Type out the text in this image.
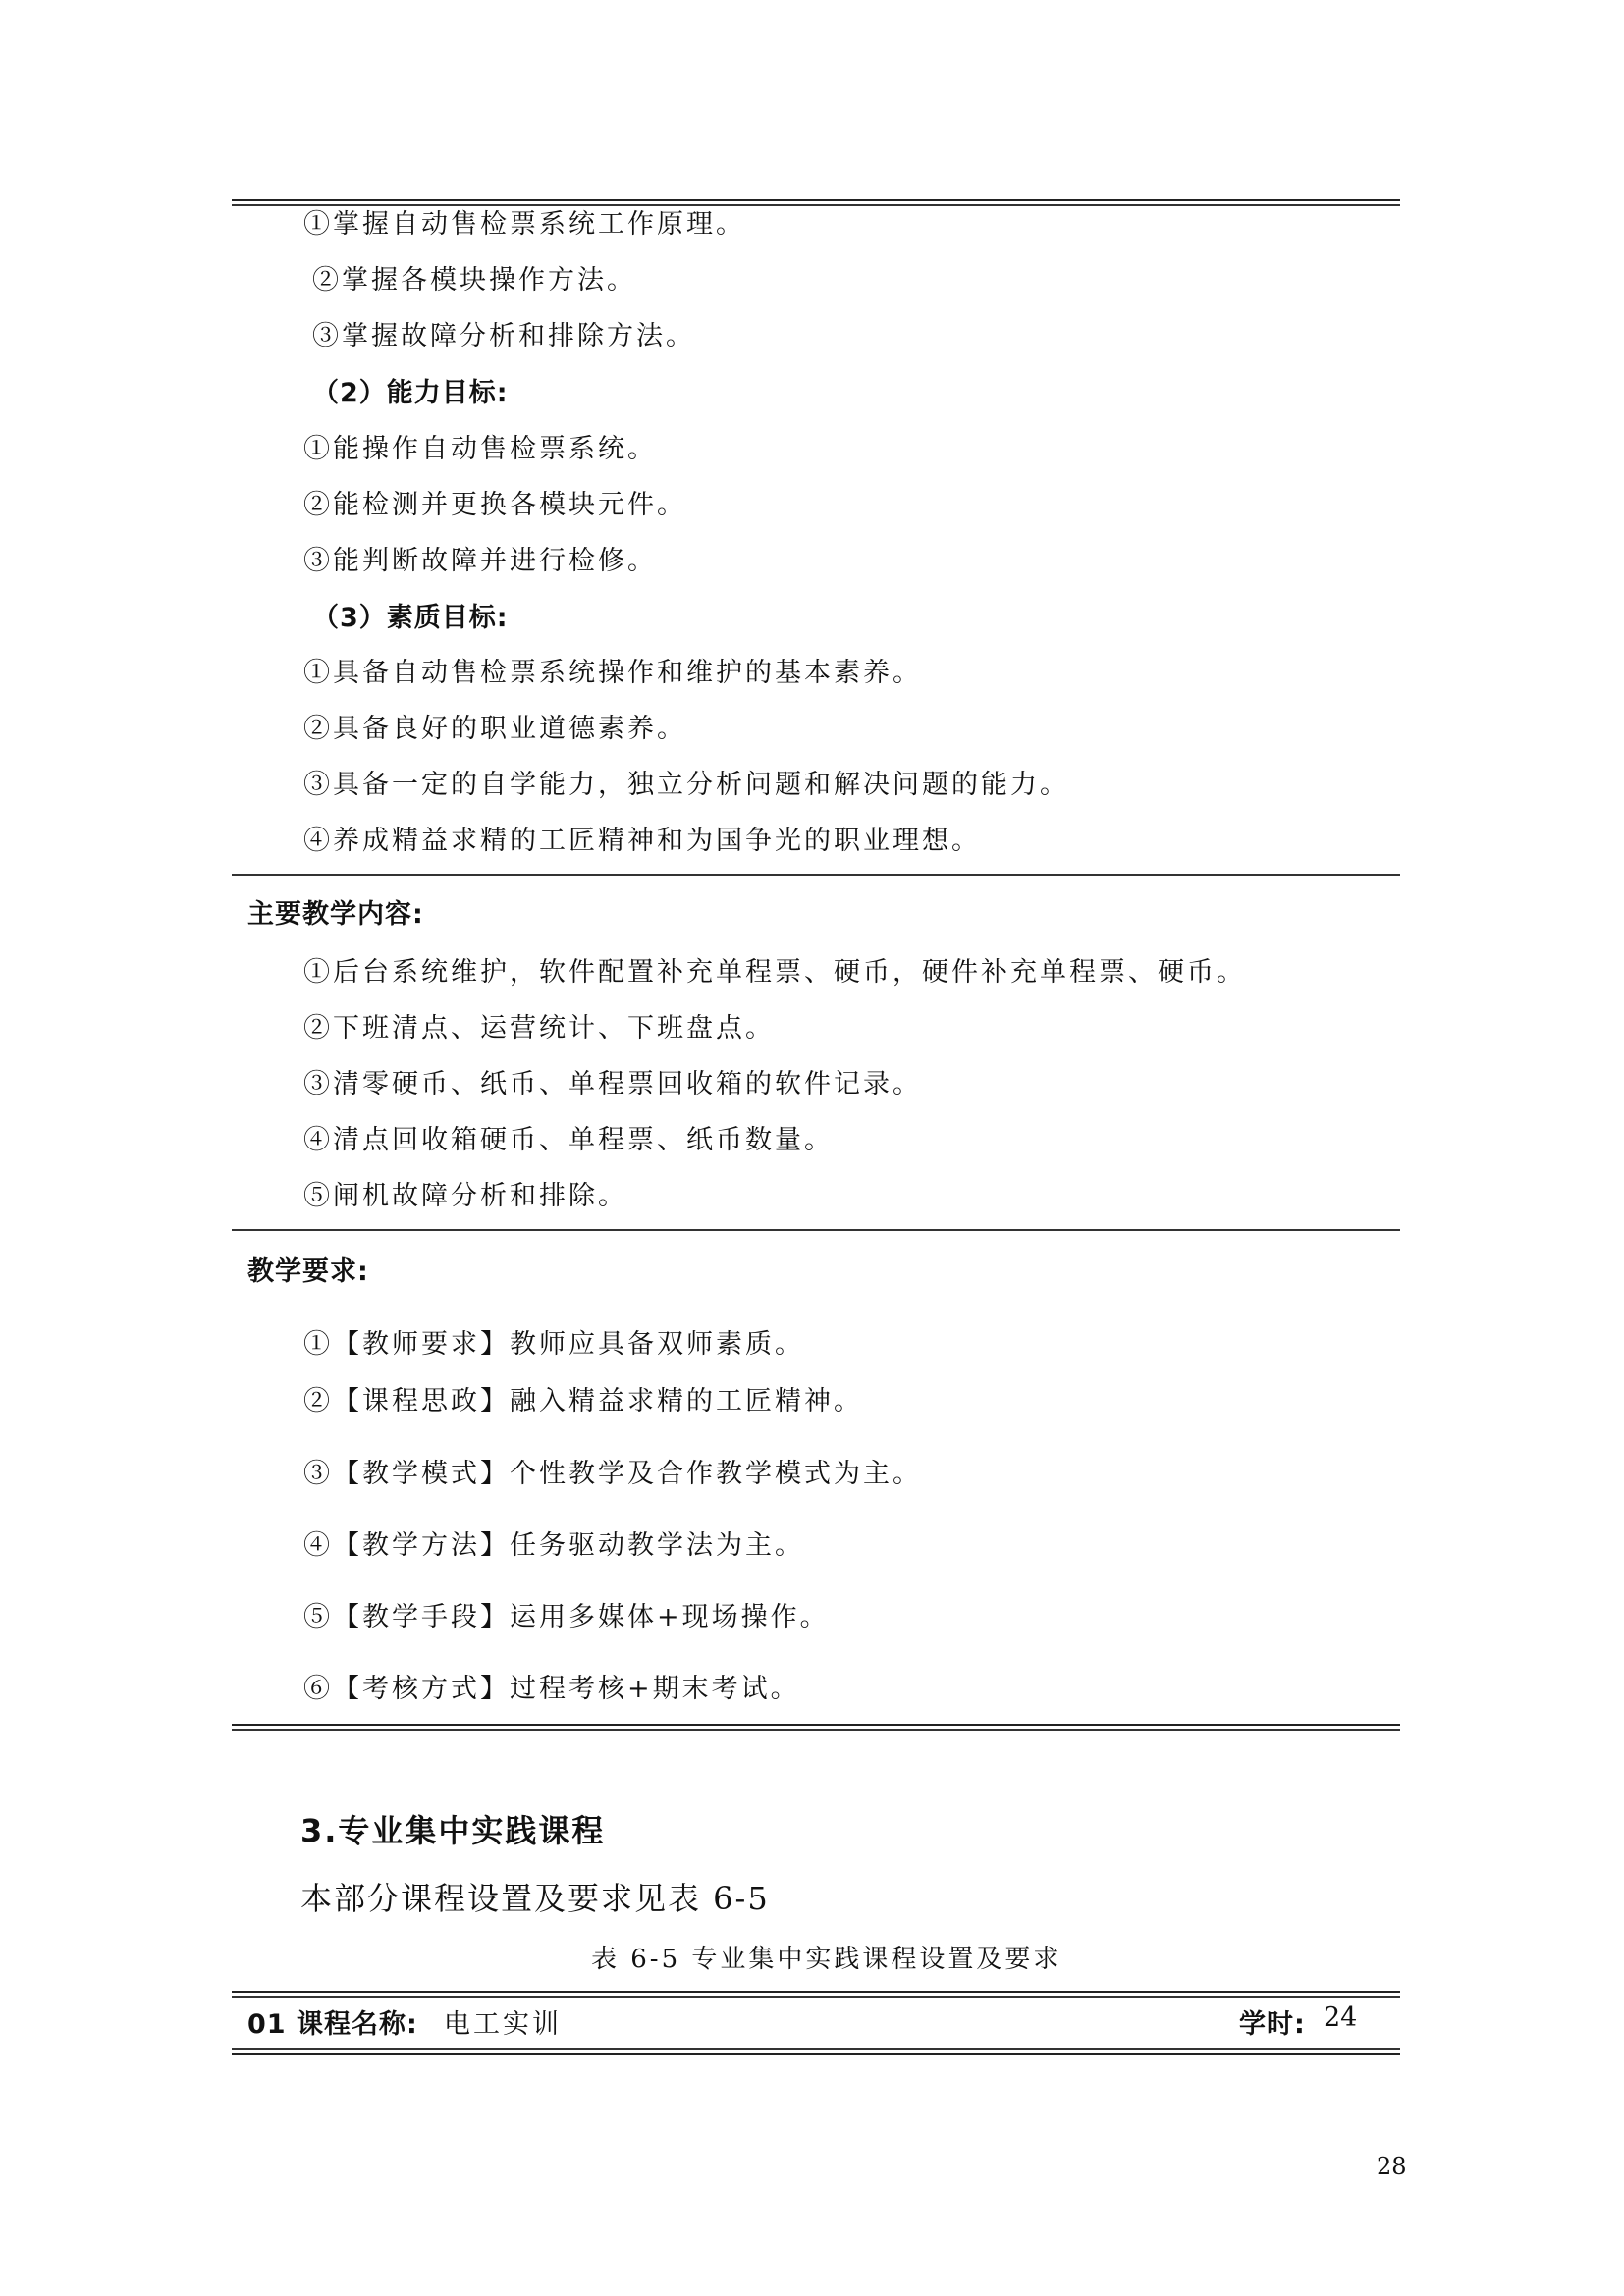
①掌握自动售检票系统工作原理。
②掌握各模块操作方法。
③掌握故障分析和排除方法。
（2）能力目标:
①能操作自动售检票系统。
②能检测并更换各模块元件。
③能判断故障并进行检修。
（3）素质目标:
①具备自动售检票系统操作和维护的基本素养。
②具备良好的职业道德素养。
③具备一定的自学能力，独立分析问题和解决问题的能力。
④养成精益求精的工匠精神和为国争光的职业理想。
主要教学内容:
①后台系统维护，软件配置补充单程票、硬币，硬件补充单程票、硬币。
②下班清点、运营统计、下班盘点。
③清零硬币、纸币、单程票回收箱的软件记录。
④清点回收箱硬币、单程票、纸币数量。
⑤闸机故障分析和排除。
教学要求:
①【教师要求】教师应具备双师素质。
②【课程思政】融入精益求精的工匠精神。
③【教学模式】个性教学及合作教学模式为主。
④【教学方法】任务驱动教学法为主。
⑤【教学手段】运用多媒体+现场操作。
⑥【考核方式】过程考核+期末考试。
3.专业集中实践课程
本部分课程设置及要求见表 6-5
表 6-5 专业集中实践课程设置及要求
01 课程名称: 电工实训	学时: 24
28
